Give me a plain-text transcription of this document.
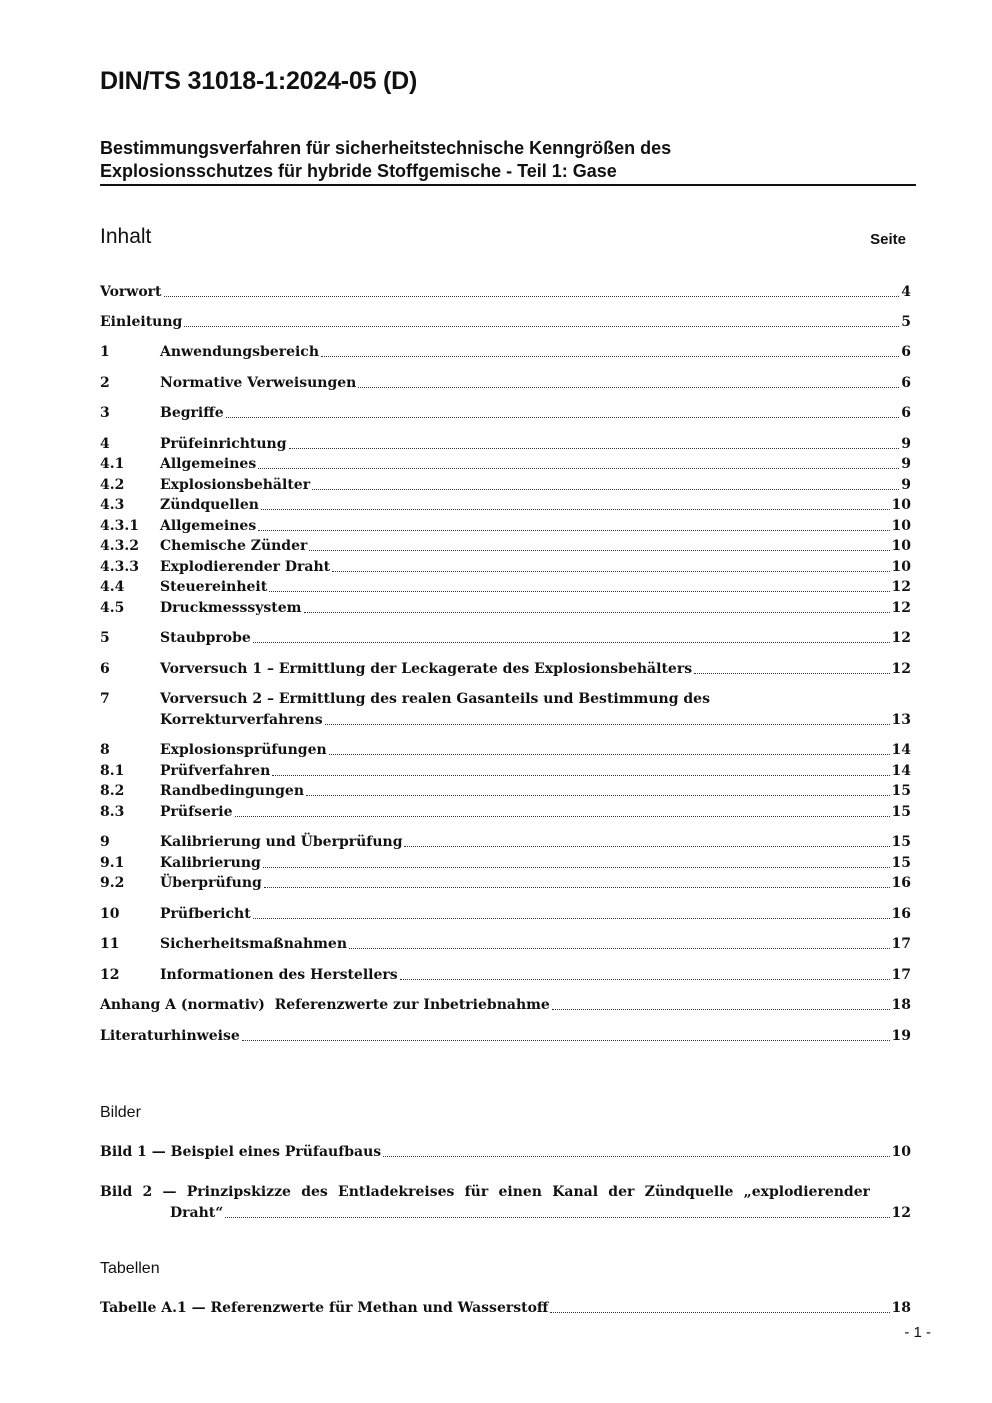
DIN/TS 31018-1:2024-05 (D)
Bestimmungsverfahren für sicherheitstechnische Kenngrößen des
Explosionsschutzes für hybride Stoffgemische - Teil 1: Gase
Inhalt	Seite
Vorwort	4
Einleitung	5
1	Anwendungsbereich	6
2	Normative Verweisungen	6
3	Begriffe	6
4	Prüfeinrichtung	9
4.1	Allgemeines	9
4.2	Explosionsbehälter	9
4.3	Zündquellen	10
4.3.1	Allgemeines	10
4.3.2	Chemische Zünder	10
4.3.3	Explodierender Draht	10
4.4	Steuereinheit	12
4.5	Druckmesssystem	12
5	Staubprobe	12
6	Vorversuch 1 – Ermittlung der Leckagerate des Explosionsbehälters	12
7	Vorversuch 2 – Ermittlung des realen Gasanteils und Bestimmung des
Korrekturverfahrens	13
8	Explosionsprüfungen	14
8.1	Prüfverfahren	14
8.2	Randbedingungen	15
8.3	Prüfserie	15
9	Kalibrierung und Überprüfung	15
9.1	Kalibrierung	15
9.2	Überprüfung	16
10	Prüfbericht	16
11	Sicherheitsmaßnahmen	17
12	Informationen des Herstellers	17
Anhang A (normativ)  Referenzwerte zur Inbetriebnahme	18
Literaturhinweise	19
Bilder
Bild 1 — Beispiel eines Prüfaufbaus	10
Bild 2 — Prinzipskizze des Entladekreises für einen Kanal der Zündquelle „explodierender
Draht“	12
Tabellen
Tabelle A.1 — Referenzwerte für Methan und Wasserstoff	18
- 1 -
